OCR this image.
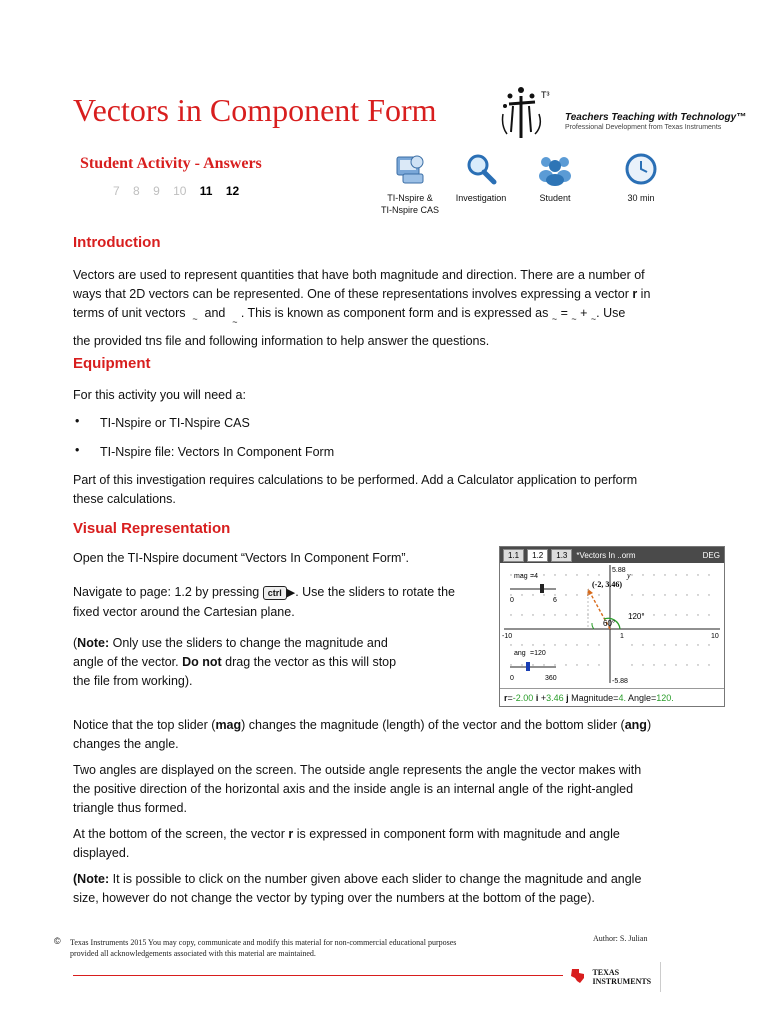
Vectors in Component Form	T³
Teachers Teaching with Technology™
Professional Development from Texas Instruments
Student Activity - Answers
7 8 9 10 11 12	TI-Nspire &
TI-Nspire CAS
Investigation	Student	30 min
Introduction

Vectors are used to represent quantities that have both magnitude and direction. There are a number of

ways that 2D vectors can be represented. One of these representations involves expressing a vector r in

terms of unit vectors ~ and ~. This is known as component form and is expressed as $_\sim$ = $_\sim$ + $_\sim$. Use

the provided tns file and following information to help answer the questions.

Equipment

For this activity you will need a:

• TI-Nspire or TI-Nspire CAS

• TI-Nspire file: Vectors In Component Form

Part of this investigation requires calculations to be performed. Add a Calculator application to perform

these calculations.

Visual Representation

Open the TI-Nspire document “Vectors In Component Form”.

Navigate to page: 1.2 by pressing ctrl ▶. Use the sliders to rotate the

fixed vector around the Cartesian plane.

(Note: Only use the sliders to change the magnitude and

angle of the vector. Do not drag the vector as this will stop

the file from working).

1.1	1.2	1.3	*Vectors In ..orm	DEG
5.88
-5.88
-10	10
1
y
(-2, 3.46)
120°
60°
mag =4
0	6
ang =120
0	360
r=-2.00 i +3.46 j Magnitude=4. Angle=120.

Notice that the top slider (mag) changes the magnitude (length) of the vector and the bottom slider (ang)

changes the angle.

Two angles are displayed on the screen. The outside angle represents the angle the vector makes with

the positive direction of the horizontal axis and the inside angle is an internal angle of the right-angled

triangle thus formed.

At the bottom of the screen, the vector r is expressed in component form with magnitude and angle

displayed.

(Note: It is possible to click on the number given above each slider to change the magnitude and angle

size, however do not change the vector by typing over the numbers at the bottom of the page).

© Texas Instruments 2015 You may copy, communicate and modify this material for non-commercial educational purposes
provided all acknowledgements associated with this material are maintained.
Author: S. Julian
TEXAS
INSTRUMENTS
